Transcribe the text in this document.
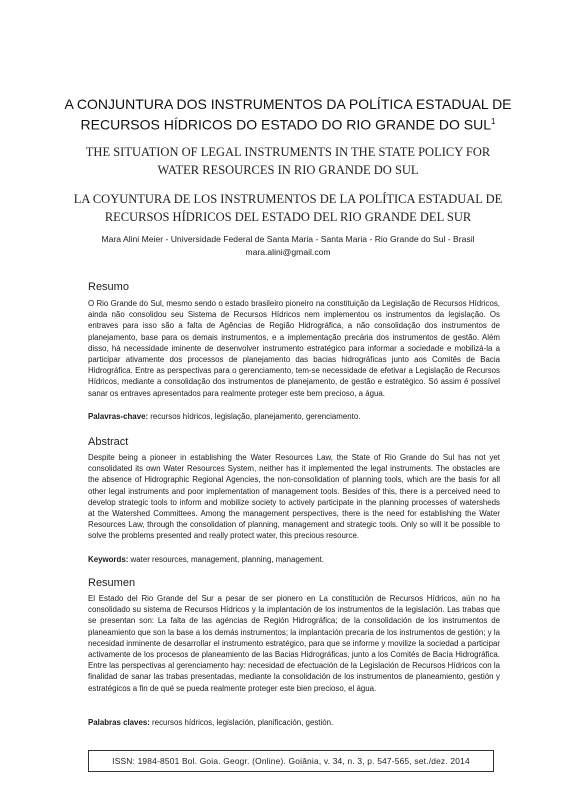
A CONJUNTURA DOS INSTRUMENTOS DA POLÍTICA ESTADUAL DE
RECURSOS HÍDRICOS DO ESTADO DO RIO GRANDE DO SUL$^1$
THE SITUATION OF LEGAL INSTRUMENTS IN THE STATE POLICY FOR
WATER RESOURCES IN RIO GRANDE DO SUL
LA COYUNTURA DE LOS INSTRUMENTOS DE LA POLÍTICA ESTADUAL DE
RECURSOS HÍDRICOS DEL ESTADO DEL RIO GRANDE DEL SUR
Mara Alini Meier - Universidade Federal de Santa Maria - Santa Maria - Rio Grande do Sul - Brasil
mara.alini@gmail.com
Resumo

O Rio Grande do Sul, mesmo sendo o estado brasileiro pioneiro na constituição da Legislação de Recursos Hídricos, ainda não consolidou seu Sistema de Recursos Hídricos nem implementou os instrumentos da legislação. Os entraves para isso são a falta de Agências de Região Hidrográfica, a não consolidação dos instrumentos de planejamento, base para os demais instrumentos, e a implementação precária dos instrumentos de gestão. Além disso, há necessidade iminente de desenvolver instrumento estratégico para informar a sociedade e mobilizá-la a participar ativamente dos processos de planejamento das bacias hidrográficas junto aos Comitês de Bacia Hidrográfica. Entre as perspectivas para o gerenciamento, tem-se necessidade de efetivar a Legislação de Recursos Hídricos, mediante a consolidação dos instrumentos de planejamento, de gestão e estratégico. Só assim é possível sanar os entraves apresentados para realmente proteger este bem precioso, a água.

Palavras-chave: recursos hídricos, legislação, planejamento, gerenciamento.
Abstract

Despite being a pioneer in establishing the Water Resources Law, the State of Rio Grande do Sul has not yet consolidated its own Water Resources System, neither has it implemented the legal instruments. The obstacles are the absence of Hidrographic Regional Agencies, the non-consolidation of planning tools, which are the basis for all other legal instruments and poor implementation of management tools. Besides of this, there is a perceived need to develop strategic tools to inform and mobilize society to actively participate in the planning processes of watersheds at the Watershed Committees. Among the management perspectives, there is the need for establishing the Water Resources Law, through the consolidation of planning, management and strategic tools. Only so will it be possible to solve the problems presented and really protect water, this precious resource.

Keywords: water resources, management, planning, management.
Resumen

El Estado del Rio Grande del Sur a pesar de ser pionero en La constitución de Recursos Hídricos, aún no ha consolidado su sistema de Recursos Hídricos y la implantación de los instrumentos de la legislación. Las trabas que se presentan son: La falta de las agéncias de Región Hidrográfica; de la consolidación de los instrumentos de planeamiento que son la base a los demás instrumentos; la implantación precaria de los instrumentos de gestión; y la necesidad inminente de desarrollar el instrumento estratégico, para que se informe y movilize la sociedad a participar activamente de los procesos de planeamiento de las Bacias Hidrográficas, junto a los Comités de Bacía Hidrográfica. Entre las perspectivas al gerenciamento hay: necesidad de efectuación de la Legislación de Recursos Hídricos con la finalidad de sanar las trabas presentadas, mediante la consolidación de los instrumentos de planeamiento, gestión y estratégicos a fin de qué se pueda realmente proteger este bien precioso, el água.

Palabras claves: recursos hídricos, legislación, planificación, gestión.
ISSN: 1984-8501 Bol. Goia. Geogr. (Online). Goiânia, v. 34, n. 3, p. 547-565, set./dez. 2014
